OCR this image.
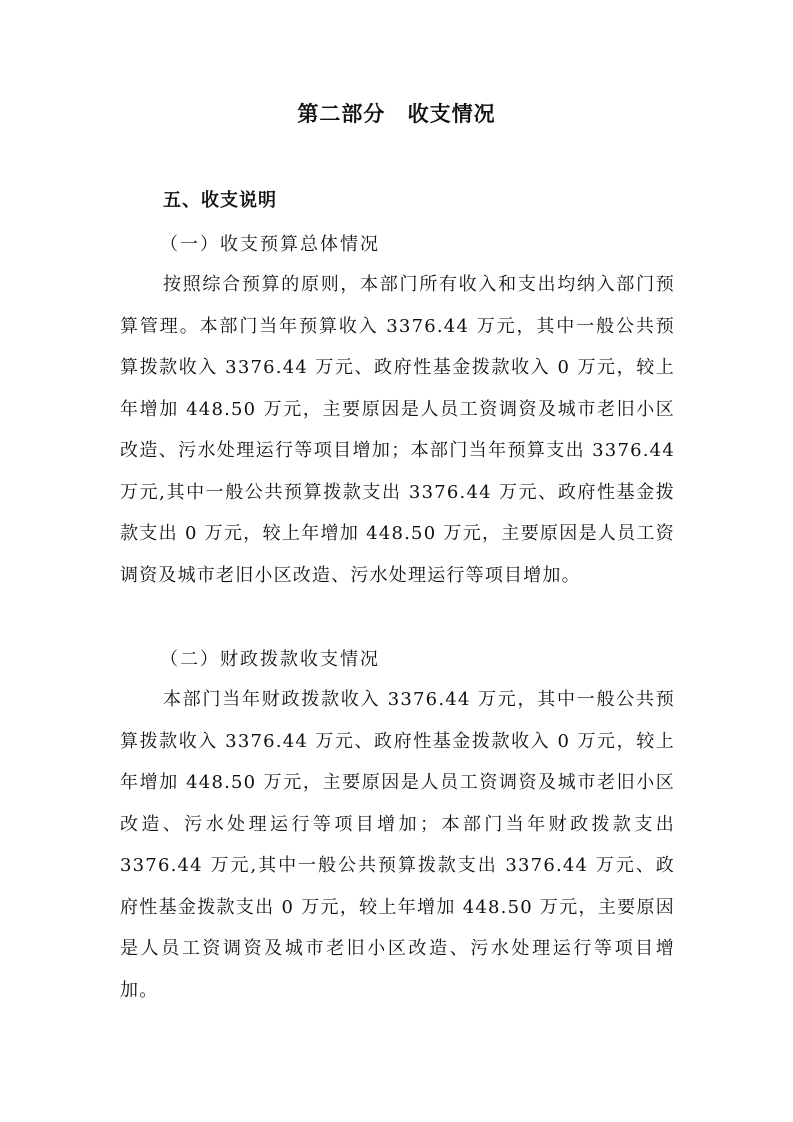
第二部分 收支情况
五、收支说明
（一）收支预算总体情况

按照综合预算的原则，本部门所有收入和支出均纳入部门预算管理。本部门当年预算收入 3376.44 万元，其中一般公共预算拨款收入 3376.44 万元、政府性基金拨款收入 0 万元，较上年增加 448.50 万元，主要原因是人员工资调资及城市老旧小区改造、污水处理运行等项目增加；本部门当年预算支出 3376.44 万元,其中一般公共预算拨款支出 3376.44 万元、政府性基金拨款支出 0 万元，较上年增加 448.50 万元，主要原因是人员工资调资及城市老旧小区改造、污水处理运行等项目增加。

（二）财政拨款收支情况

本部门当年财政拨款收入 3376.44 万元，其中一般公共预算拨款收入 3376.44 万元、政府性基金拨款收入 0 万元，较上年增加 448.50 万元，主要原因是人员工资调资及城市老旧小区改造、污水处理运行等项目增加；本部门当年财政拨款支出 3376.44 万元,其中一般公共预算拨款支出 3376.44 万元、政府性基金拨款支出 0 万元，较上年增加 448.50 万元，主要原因是人员工资调资及城市老旧小区改造、污水处理运行等项目增加。
